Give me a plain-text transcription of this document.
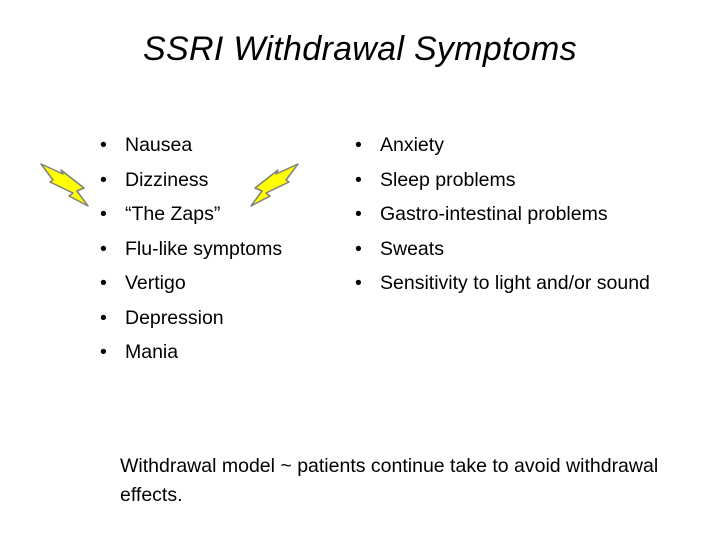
SSRI Withdrawal Symptoms
• Nausea
• Dizziness
• “The Zaps”
• Flu-like symptoms
• Vertigo
• Depression
• Mania
• Anxiety
• Sleep problems
• Gastro-intestinal problems
• Sweats
• Sensitivity to light and/or sound
Withdrawal model ~ patients continue take to avoid withdrawal effects.
